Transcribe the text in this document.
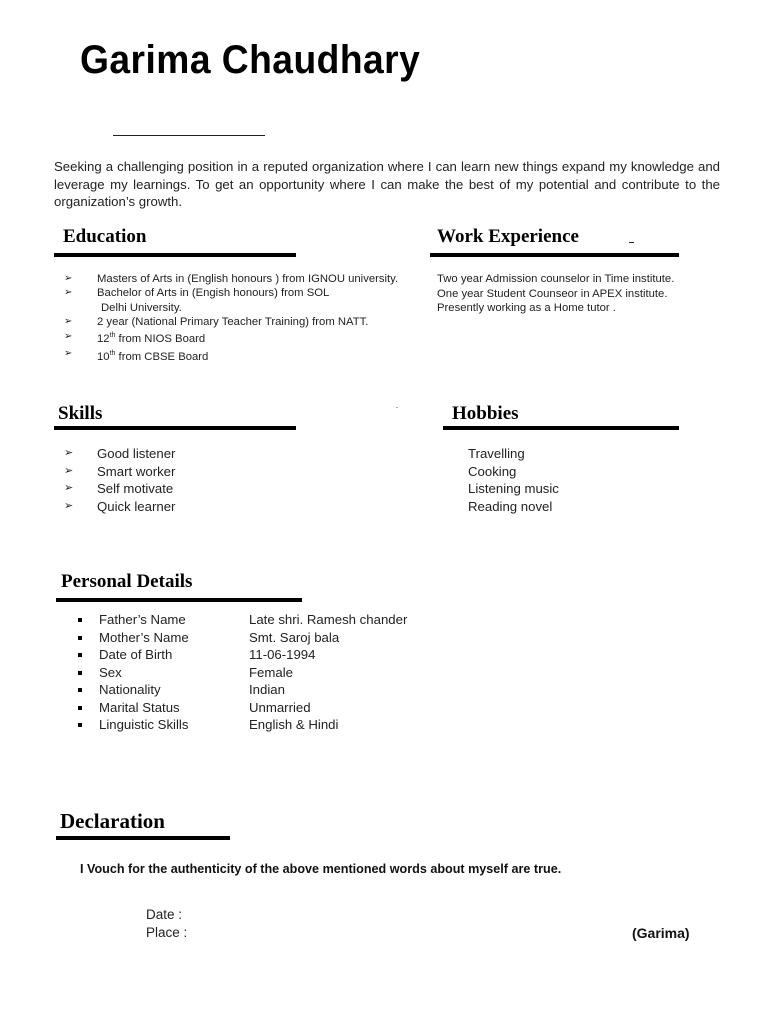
Garima Chaudhary
Seeking a challenging position in a reputed organization where I can learn new things expand my knowledge and leverage my learnings. To get an opportunity where I can make the best of my potential and contribute to the organization’s growth.
Education
➢ Masters of Arts in (English honours ) from IGNOU university.
➢ Bachelor of Arts in (Engish honours) from SOL
Delhi University.
➢ 2 year (National Primary Teacher Training) from NATT.
➢ 12th from NIOS Board
➢ 10th from CBSE Board
Work Experience
Two year Admission counselor in Time institute.
One year Student Counseor in APEX institute.
Presently working as a Home tutor .
Skills
➢ Good listener
➢ Smart worker
➢ Self motivate
➢ Quick learner
Hobbies
Travelling
Cooking
Listening music
Reading novel
Personal Details
Father’s Name	Late shri. Ramesh chander
Mother’s Name	Smt. Saroj bala
Date of Birth	11-06-1994
Sex	Female
Nationality	Indian
Marital Status	Unmarried
Linguistic Skills	English & Hindi
Declaration
I Vouch for the authenticity of the above mentioned words about myself are true.
Date :
Place :	(Garima)
